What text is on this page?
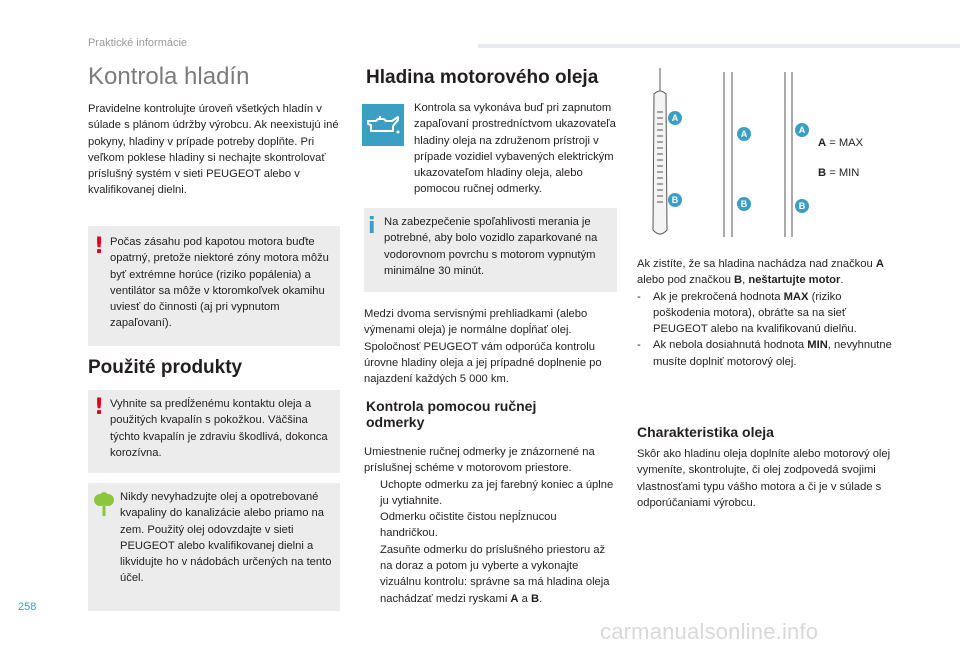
Praktické informácie
Kontrola hladín

Pravidelne kontrolujte úroveň všetkých hladín v súlade s plánom údržby výrobcu. Ak neexistujú iné pokyny, hladiny v prípade potreby doplňte. Pri veľkom poklese hladiny si nechajte skontrolovať príslušný systém v sieti PEUGEOT alebo v kvalifikovanej dielni.

! Počas zásahu pod kapotou motora buďte opatrný, pretože niektoré zóny motora môžu byť extrémne horúce (riziko popálenia) a ventilátor sa môže v ktoromkoľvek okamihu uviesť do činnosti (aj pri vypnutom zapaľovaní).

Použité produkty
! Vyhnite sa predĺženému kontaktu oleja a použitých kvapalín s pokožkou. Väčšina týchto kvapalín je zdraviu škodlivá, dokonca korozívna.

Nikdy nevyhadzujte olej a opotrebované kvapaliny do kanalizácie alebo priamo na zem. Použitý olej odovzdajte v sieti PEUGEOT alebo kvalifikovanej dielni a likvidujte ho v nádobách určených na tento účel.

Hladina motorového oleja

Kontrola sa vykonáva buď pri zapnutom zapaľovaní prostredníctvom ukazovateľa hladiny oleja na združenom prístroji v prípade vozidiel vybavených elektrickým ukazovateľom hladiny oleja, alebo pomocou ručnej odmerky.

i Na zabezpečenie spoľahlivosti merania je potrebné, aby bolo vozidlo zaparkované na vodorovnom povrchu s motorom vypnutým minimálne 30 minút.

Medzi dvoma servisnými prehliadkami (alebo výmenami oleja) je normálne dopĺňať olej. Spoločnosť PEUGEOT vám odporúča kontrolu úrovne hladiny oleja a jej prípadné doplnenie po najazdení každých 5 000 km.

Kontrola pomocou ručnej odmerky

Umiestnenie ručnej odmerky je znázornené na príslušnej schéme v motorovom priestore.

Uchopte odmerku za jej farebný koniec a úplne ju vytiahnite.
Odmerku očistite čistou nepĺznucou handričkou.
Zasuňte odmerku do príslušného priestoru až na doraz a potom ju vyberte a vykonajte vizuálnu kontrolu: správne sa má hladina oleja nachádzať medzi ryskami A a B.
A
B
A
B
A
B
A = MAX
B = MIN

Ak zistíte, že sa hladina nachádza nad značkou A alebo pod značkou B, neštartujte motor.

- Ak je prekročená hodnota MAX (riziko poškodenia motora), obráťte sa na sieť PEUGEOT alebo na kvalifikovanú dielňu.
- Ak nebola dosiahnutá hodnota MIN, nevyhnutne musíte doplniť motorový olej.
Charakteristika oleja

Skôr ako hladinu oleja doplníte alebo motorový olej vymeníte, skontrolujte, či olej zodpovedá svojimi vlastnosťami typu vášho motora a či je v súlade s odporúčaniami výrobcu.

258
carmanualsonline.info
